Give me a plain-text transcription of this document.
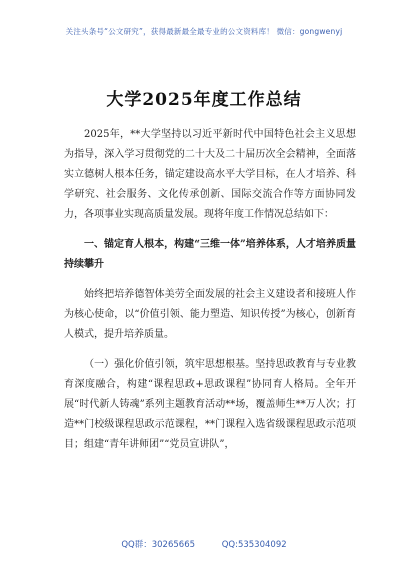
关注头条号“公文研究”，获得最新最全最专业的公文资料库！ 微信：gongwenyj
大学2025年度工作总结

2025年，**大学坚持以习近平新时代中国特色社会主义思想为指导，深入学习贯彻党的二十大及二十届历次全会精神，全面落实立德树人根本任务，锚定建设高水平大学目标，在人才培养、科学研究、社会服务、文化传承创新、国际交流合作等方面协同发力，各项事业实现高质量发展。现将年度工作情况总结如下：

一、锚定育人根本，构建“三维一体”培养体系，人才培养质量持续攀升

始终把培养德智体美劳全面发展的社会主义建设者和接班人作为核心使命，以“价值引领、能力塑造、知识传授”为核心，创新育人模式，提升培养质量。

（一）强化价值引领，筑牢思想根基。坚持思政教育与专业教育深度融合，构建“课程思政+思政课程”协同育人格局。全年开展“时代新人铸魂”系列主题教育活动**场，覆盖师生**万人次；打造**门校级课程思政示范课程，**门课程入选省级课程思政示范项目；组建“青年讲师团”“党员宣讲队”，

QQ群：30265665	QQ:535304092
